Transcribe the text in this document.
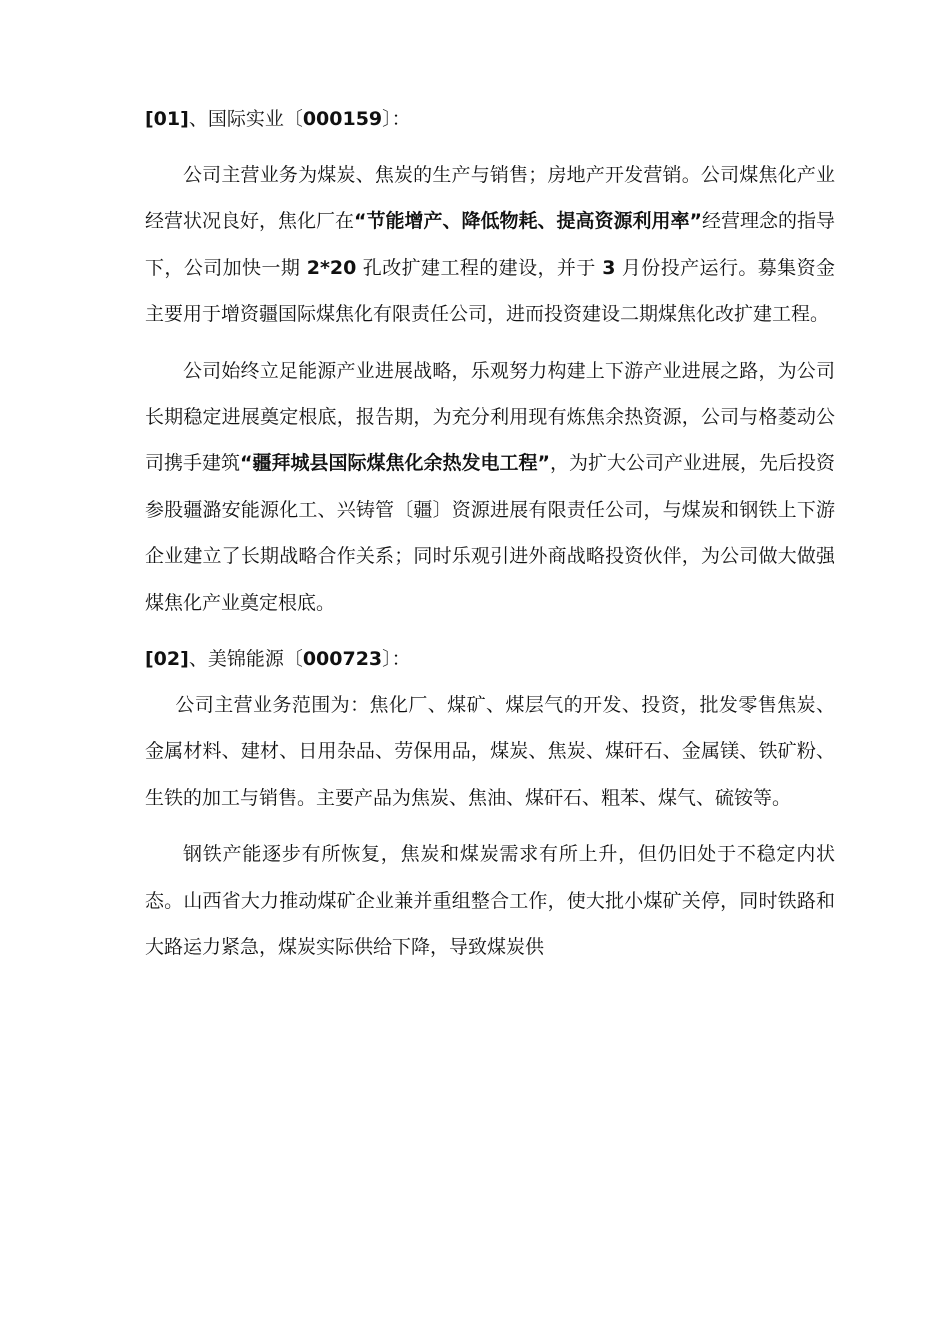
[01]、国际实业〔000159〕：

公司主营业务为煤炭、焦炭的生产与销售；房地产开发营销。公司煤焦化产业经营状况良好，焦化厂在“节能增产、降低物耗、提高资源利用率”经营理念的指导下，公司加快一期 2*20 孔改扩建工程的建设，并于 3 月份投产运行。募集资金主要用于增资疆国际煤焦化有限责任公司，进而投资建设二期煤焦化改扩建工程。

公司始终立足能源产业进展战略，乐观努力构建上下游产业进展之路，为公司长期稳定进展奠定根底，报告期，为充分利用现有炼焦余热资源，公司与格菱动公司携手建筑“疆拜城县国际煤焦化余热发电工程”，为扩大公司产业进展，先后投资参股疆潞安能源化工、兴铸管〔疆〕资源进展有限责任公司，与煤炭和钢铁上下游企业建立了长期战略合作关系；同时乐观引进外商战略投资伙伴，为公司做大做强煤焦化产业奠定根底。

[02]、美锦能源〔000723〕：

公司主营业务范围为：焦化厂、煤矿、煤层气的开发、投资，批发零售焦炭、金属材料、建材、日用杂品、劳保用品，煤炭、焦炭、煤矸石、金属镁、铁矿粉、生铁的加工与销售。主要产品为焦炭、焦油、煤矸石、粗苯、煤气、硫铵等。

钢铁产能逐步有所恢复，焦炭和煤炭需求有所上升，但仍旧处于不稳定内状态。山西省大力推动煤矿企业兼并重组整合工作，使大批小煤矿关停，同时铁路和大路运力紧急，煤炭实际供给下降，导致煤炭供
